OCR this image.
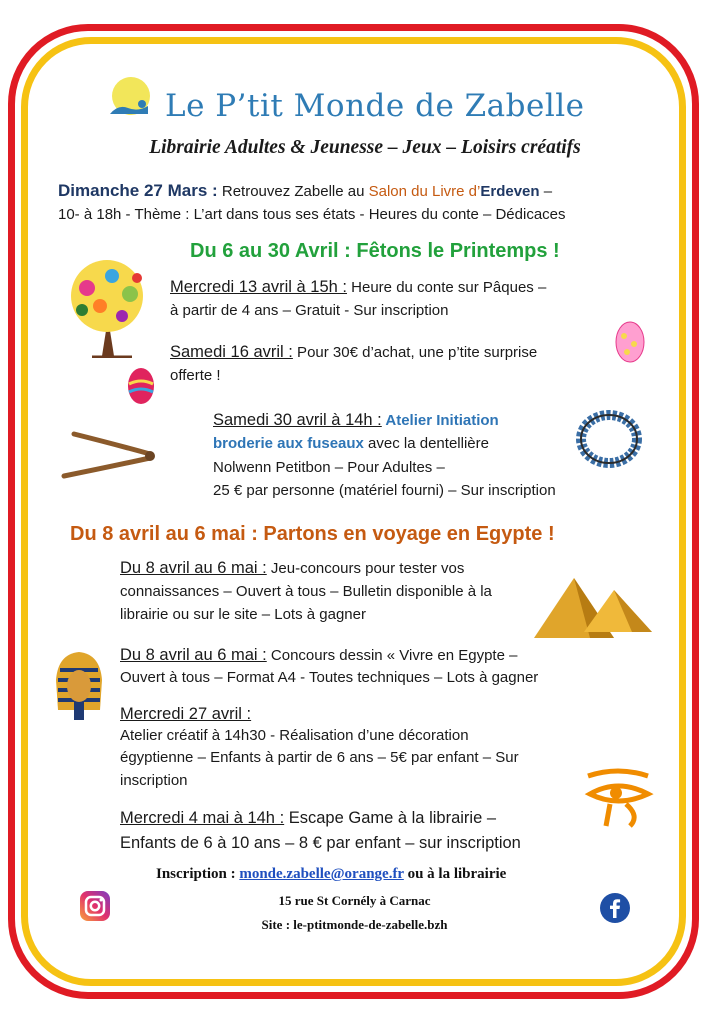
Le P’tit Monde de Zabelle
Librairie Adultes & Jeunesse – Jeux – Loisirs créatifs
Dimanche 27 Mars : Retrouvez Zabelle au Salon du Livre d’Erdeven –
10- à 18h - Thème : L’art dans tous ses états - Heures du conte – Dédicaces
Du 6 au 30 Avril : Fêtons le Printemps !
Mercredi 13 avril à 15h : Heure du conte sur Pâques –
à partir de 4 ans – Gratuit - Sur inscription
Samedi 16 avril : Pour 30€ d’achat, une p’tite surprise
offerte !
Samedi 30 avril à 14h : Atelier Initiation
broderie aux fuseaux avec la dentellière
Nolwenn Petitbon – Pour Adultes –
25 € par personne (matériel fourni) – Sur inscription
Du 8 avril au 6 mai : Partons en voyage en Egypte !
Du 8 avril au 6 mai : Jeu-concours pour tester vos
connaissances – Ouvert à tous – Bulletin disponible à la
librairie ou sur le site – Lots à gagner
Du 8 avril au 6 mai : Concours dessin « Vivre en Egypte –
Ouvert à tous – Format A4 - Toutes techniques – Lots à gagner
Mercredi 27 avril :
Atelier créatif à 14h30 - Réalisation d’une décoration
égyptienne – Enfants à partir de 6 ans – 5€ par enfant – Sur
inscription
Mercredi 4 mai à 14h : Escape Game à la librairie –
Enfants de 6 à 10 ans – 8 € par enfant – sur inscription
Inscription : monde.zabelle@orange.fr ou à la librairie
15 rue St Cornély à Carnac
Site : le-ptitmonde-de-zabelle.bzh
